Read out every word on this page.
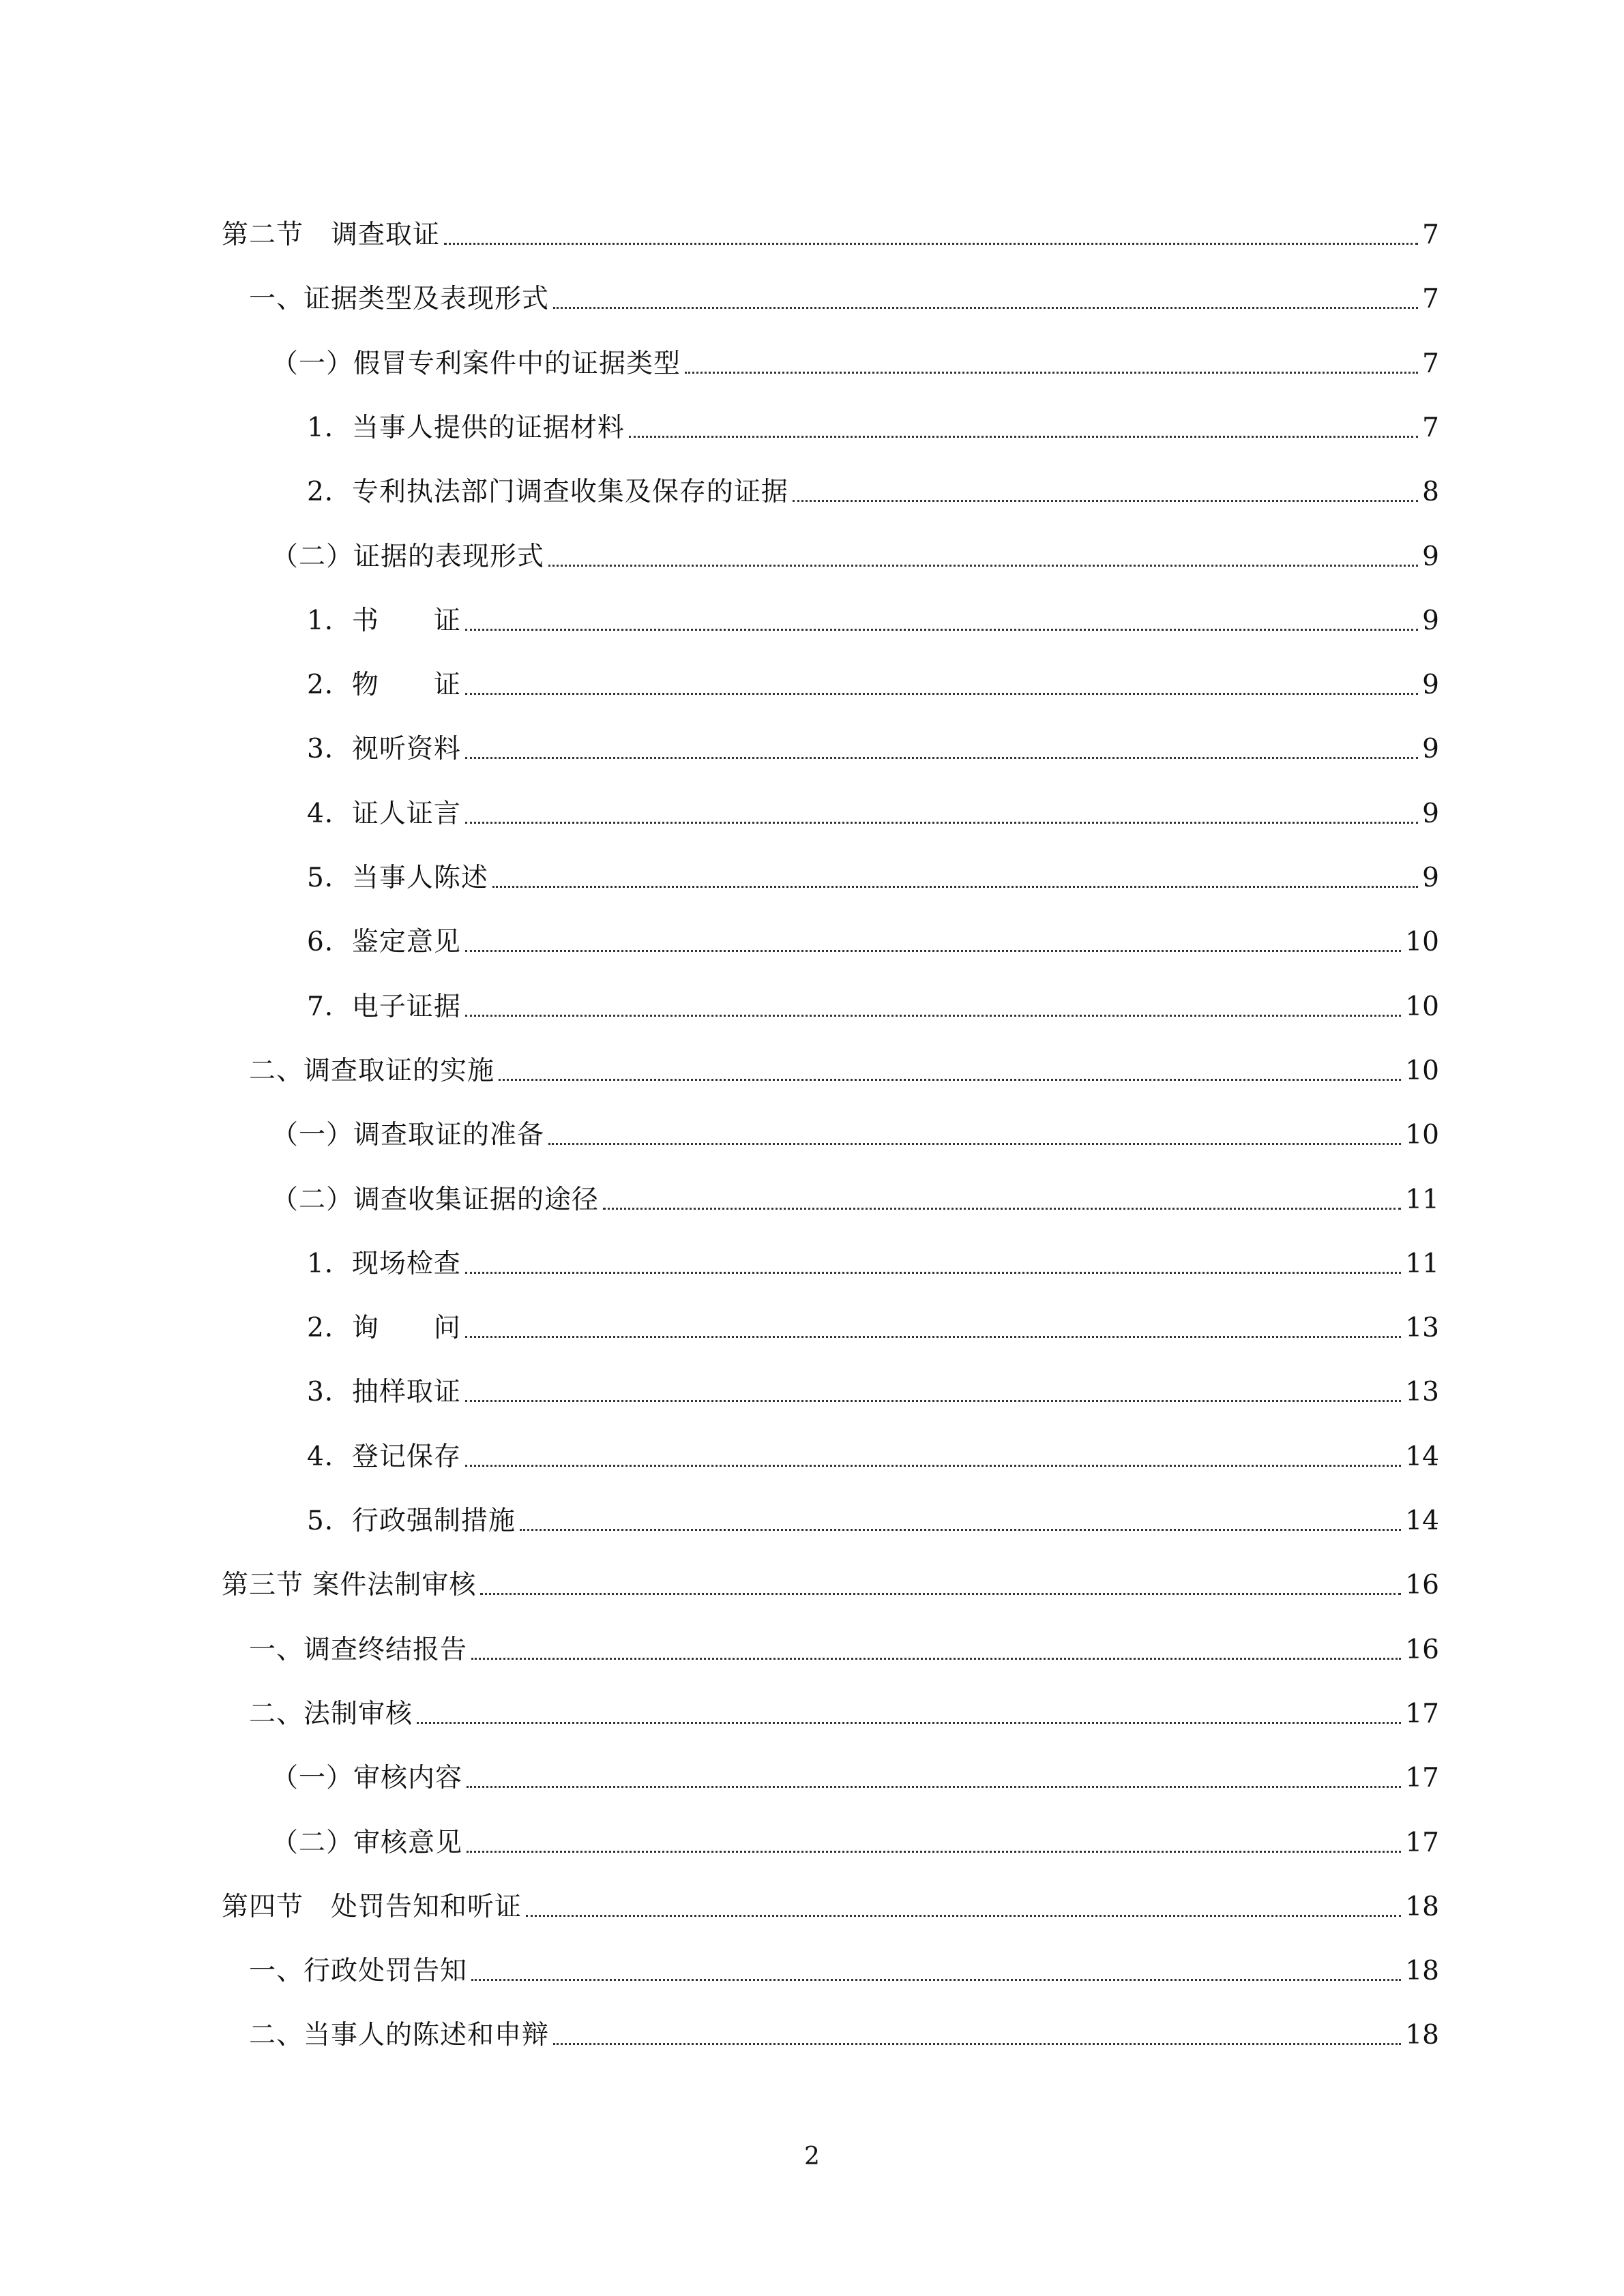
第二节　调查取证	7
一、证据类型及表现形式	7
（一）假冒专利案件中的证据类型	7
1．当事人提供的证据材料	7
2．专利执法部门调查收集及保存的证据	8
（二）证据的表现形式	9
1．书　　证	9
2．物　　证	9
3．视听资料	9
4．证人证言	9
5．当事人陈述	9
6．鉴定意见	10
7．电子证据	10
二、调查取证的实施	10
（一）调查取证的准备	10
（二）调查收集证据的途径	11
1．现场检查	11
2．询　　问	13
3．抽样取证	13
4．登记保存	14
5．行政强制措施	14
第三节 案件法制审核	16
一、调查终结报告	16
二、法制审核	17
（一）审核内容	17
（二）审核意见	17
第四节　处罚告知和听证	18
一、行政处罚告知	18
二、当事人的陈述和申辩	18
2
